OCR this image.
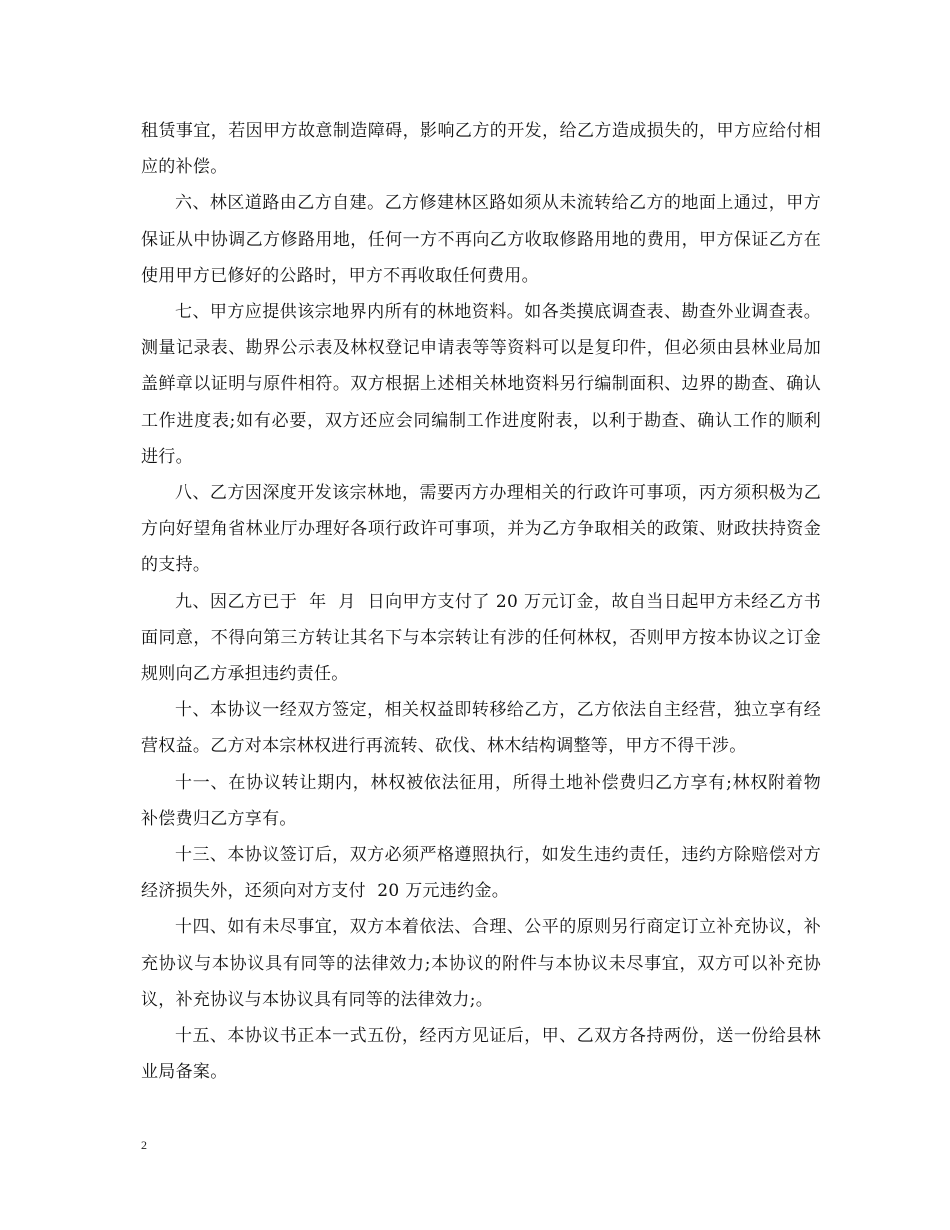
租赁事宜，若因甲方故意制造障碍，影响乙方的开发，给乙方造成损失的，甲方应给付相应的补偿。

六、林区道路由乙方自建。乙方修建林区路如须从未流转给乙方的地面上通过，甲方保证从中协调乙方修路用地，任何一方不再向乙方收取修路用地的费用，甲方保证乙方在使用甲方已修好的公路时，甲方不再收取任何费用。

七、甲方应提供该宗地界内所有的林地资料。如各类摸底调查表、勘查外业调查表。测量记录表、勘界公示表及林权登记申请表等等资料可以是复印件，但必须由县林业局加盖鲜章以证明与原件相符。双方根据上述相关林地资料另行编制面积、边界的勘查、确认工作进度表;如有必要，双方还应会同编制工作进度附表，以利于勘查、确认工作的顺利进行。

八、乙方因深度开发该宗林地，需要丙方办理相关的行政许可事项，丙方须积极为乙方向好望角省林业厅办理好各项行政许可事项，并为乙方争取相关的政策、财政扶持资金的支持。

九、因乙方已于  年  月  日向甲方支付了 20 万元订金，故自当日起甲方未经乙方书面同意，不得向第三方转让其名下与本宗转让有涉的任何林权，否则甲方按本协议之订金规则向乙方承担违约责任。

十、本协议一经双方签定，相关权益即转移给乙方，乙方依法自主经营，独立享有经营权益。乙方对本宗林权进行再流转、砍伐、林木结构调整等，甲方不得干涉。

十一、在协议转让期内，林权被依法征用，所得土地补偿费归乙方享有;林权附着物补偿费归乙方享有。

十三、本协议签订后，双方必须严格遵照执行，如发生违约责任，违约方除赔偿对方经济损失外，还须向对方支付  20 万元违约金。

十四、如有未尽事宜，双方本着依法、合理、公平的原则另行商定订立补充协议，补充协议与本协议具有同等的法律效力;本协议的附件与本协议未尽事宜，双方可以补充协议，补充协议与本协议具有同等的法律效力;。

十五、本协议书正本一式五份，经丙方见证后，甲、乙双方各持两份，送一份给县林业局备案。

2
